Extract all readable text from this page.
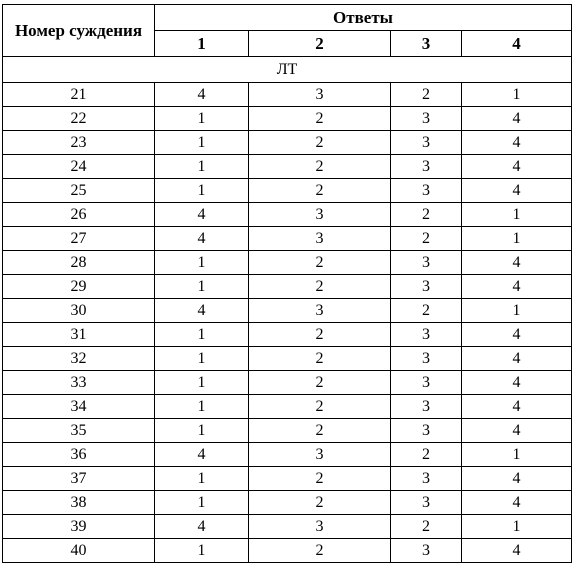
Номер суждения	Ответы			
	1	2	3	4
ЛТ				
21	4	3	2	1
22	1	2	3	4
23	1	2	3	4
24	1	2	3	4
25	1	2	3	4
26	4	3	2	1
27	4	3	2	1
28	1	2	3	4
29	1	2	3	4
30	4	3	2	1
31	1	2	3	4
32	1	2	3	4
33	1	2	3	4
34	1	2	3	4
35	1	2	3	4
36	4	3	2	1
37	1	2	3	4
38	1	2	3	4
39	4	3	2	1
40	1	2	3	4
